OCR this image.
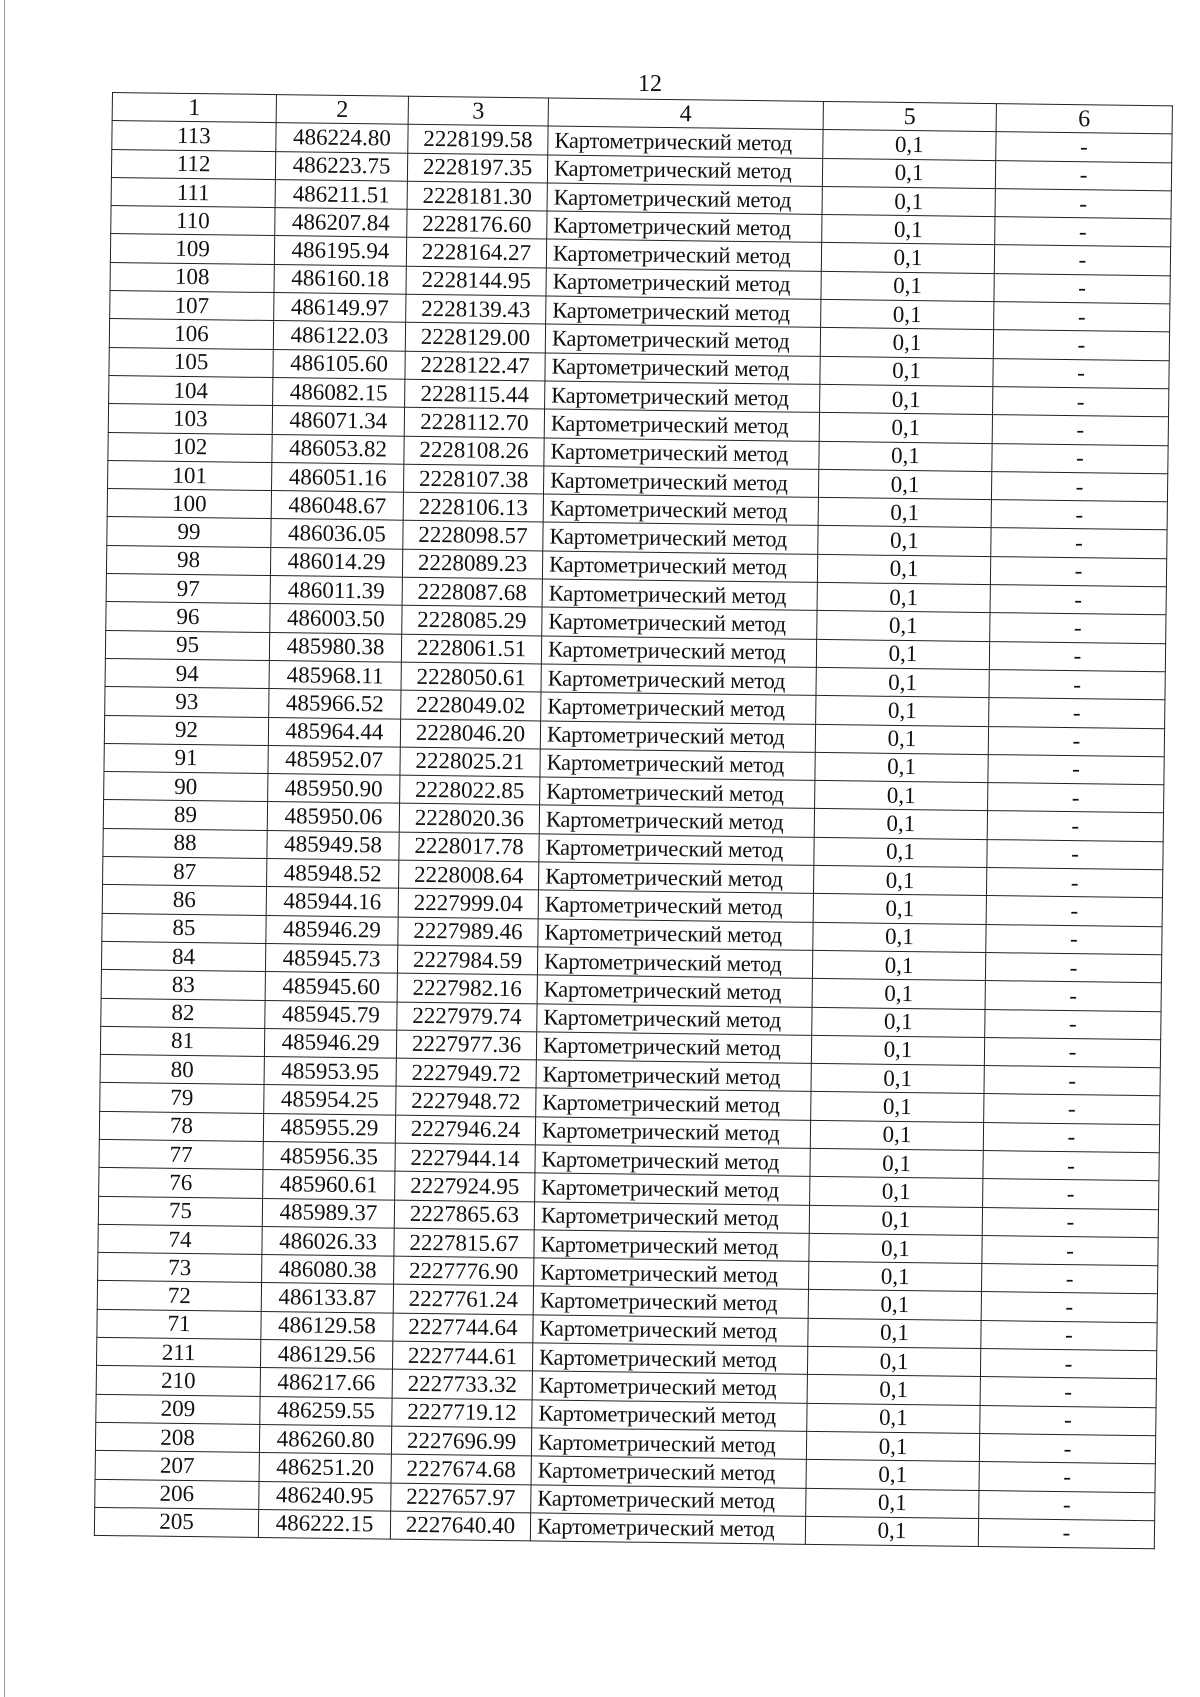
12
1	2	3	4	5	6
113	486224.80	2228199.58	Картометрический метод	0,1	-
112	486223.75	2228197.35	Картометрический метод	0,1	-
111	486211.51	2228181.30	Картометрический метод	0,1	-
110	486207.84	2228176.60	Картометрический метод	0,1	-
109	486195.94	2228164.27	Картометрический метод	0,1	-
108	486160.18	2228144.95	Картометрический метод	0,1	-
107	486149.97	2228139.43	Картометрический метод	0,1	-
106	486122.03	2228129.00	Картометрический метод	0,1	-
105	486105.60	2228122.47	Картометрический метод	0,1	-
104	486082.15	2228115.44	Картометрический метод	0,1	-
103	486071.34	2228112.70	Картометрический метод	0,1	-
102	486053.82	2228108.26	Картометрический метод	0,1	-
101	486051.16	2228107.38	Картометрический метод	0,1	-
100	486048.67	2228106.13	Картометрический метод	0,1	-
99	486036.05	2228098.57	Картометрический метод	0,1	-
98	486014.29	2228089.23	Картометрический метод	0,1	-
97	486011.39	2228087.68	Картометрический метод	0,1	-
96	486003.50	2228085.29	Картометрический метод	0,1	-
95	485980.38	2228061.51	Картометрический метод	0,1	-
94	485968.11	2228050.61	Картометрический метод	0,1	-
93	485966.52	2228049.02	Картометрический метод	0,1	-
92	485964.44	2228046.20	Картометрический метод	0,1	-
91	485952.07	2228025.21	Картометрический метод	0,1	-
90	485950.90	2228022.85	Картометрический метод	0,1	-
89	485950.06	2228020.36	Картометрический метод	0,1	-
88	485949.58	2228017.78	Картометрический метод	0,1	-
87	485948.52	2228008.64	Картометрический метод	0,1	-
86	485944.16	2227999.04	Картометрический метод	0,1	-
85	485946.29	2227989.46	Картометрический метод	0,1	-
84	485945.73	2227984.59	Картометрический метод	0,1	-
83	485945.60	2227982.16	Картометрический метод	0,1	-
82	485945.79	2227979.74	Картометрический метод	0,1	-
81	485946.29	2227977.36	Картометрический метод	0,1	-
80	485953.95	2227949.72	Картометрический метод	0,1	-
79	485954.25	2227948.72	Картометрический метод	0,1	-
78	485955.29	2227946.24	Картометрический метод	0,1	-
77	485956.35	2227944.14	Картометрический метод	0,1	-
76	485960.61	2227924.95	Картометрический метод	0,1	-
75	485989.37	2227865.63	Картометрический метод	0,1	-
74	486026.33	2227815.67	Картометрический метод	0,1	-
73	486080.38	2227776.90	Картометрический метод	0,1	-
72	486133.87	2227761.24	Картометрический метод	0,1	-
71	486129.58	2227744.64	Картометрический метод	0,1	-
211	486129.56	2227744.61	Картометрический метод	0,1	-
210	486217.66	2227733.32	Картометрический метод	0,1	-
209	486259.55	2227719.12	Картометрический метод	0,1	-
208	486260.80	2227696.99	Картометрический метод	0,1	-
207	486251.20	2227674.68	Картометрический метод	0,1	-
206	486240.95	2227657.97	Картометрический метод	0,1	-
205	486222.15	2227640.40	Картометрический метод	0,1	-
